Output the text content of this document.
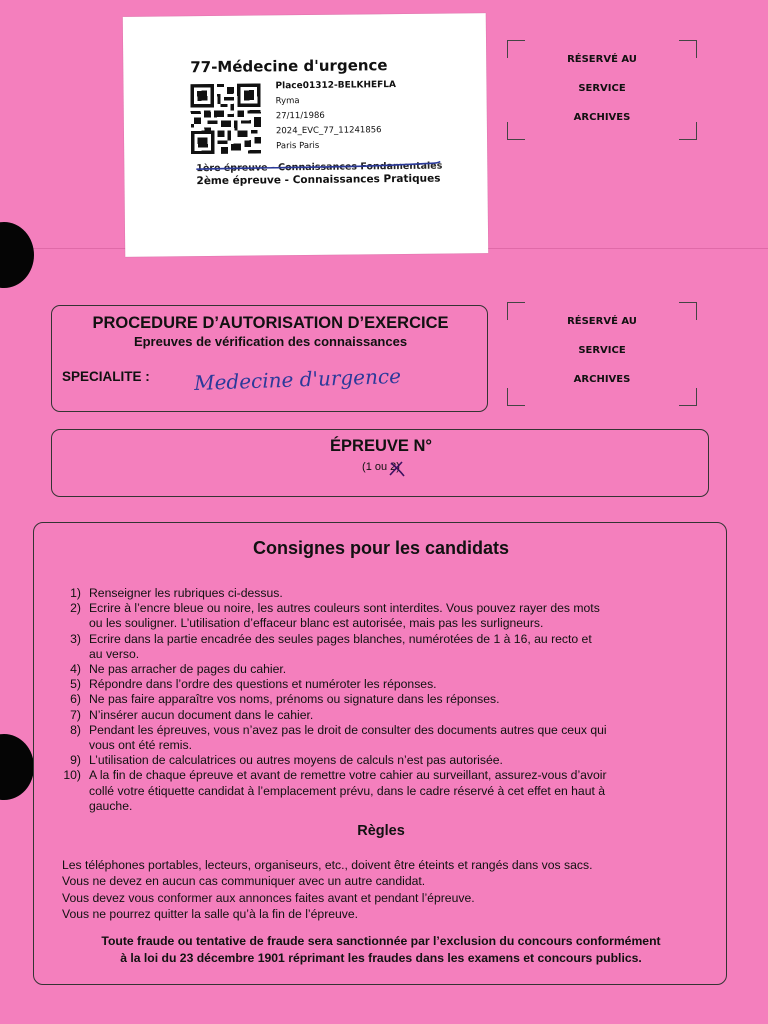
77-Médecine d'urgence
Place01312-BELKHEFLA
Ryma
27/11/1986
2024_EVC_77_11241856
Paris Paris
1ère épreuve - Connaissances Fondamentales
2ème épreuve - Connaissances Pratiques
RÉSERVÉ AU
SERVICE
ARCHIVES
PROCEDURE D’AUTORISATION D’EXERCICE
Epreuves de vérification des connaissances
SPECIALITE : Medecine d'urgence
RÉSERVÉ AU
SERVICE
ARCHIVES
ÉPREUVE N°
(1 ou 2)
Consignes pour les candidats
1) Renseigner les rubriques ci-dessus.
2) Ecrire à l’encre bleue ou noire, les autres couleurs sont interdites. Vous pouvez rayer des mots
ou les souligner. L’utilisation d’effaceur blanc est autorisée, mais pas les surligneurs.
3) Ecrire dans la partie encadrée des seules pages blanches, numérotées de 1 à 16, au recto et
au verso.
4) Ne pas arracher de pages du cahier.
5) Répondre dans l’ordre des questions et numéroter les réponses.
6) Ne pas faire apparaître vos noms, prénoms ou signature dans les réponses.
7) N’insérer aucun document dans le cahier.
8) Pendant les épreuves, vous n’avez pas le droit de consulter des documents autres que ceux qui
vous ont été remis.
9) L’utilisation de calculatrices ou autres moyens de calculs n’est pas autorisée.
10) A la fin de chaque épreuve et avant de remettre votre cahier au surveillant, assurez-vous d’avoir
collé votre étiquette candidat à l’emplacement prévu, dans le cadre réservé à cet effet en haut à
gauche.
Règles
Les téléphones portables, lecteurs, organiseurs, etc., doivent être éteints et rangés dans vos sacs.
Vous ne devez en aucun cas communiquer avec un autre candidat.
Vous devez vous conformer aux annonces faites avant et pendant l’épreuve.
Vous ne pourrez quitter la salle qu’à la fin de l’épreuve.
Toute fraude ou tentative de fraude sera sanctionnée par l’exclusion du concours conformément
à la loi du 23 décembre 1901 réprimant les fraudes dans les examens et concours publics.
